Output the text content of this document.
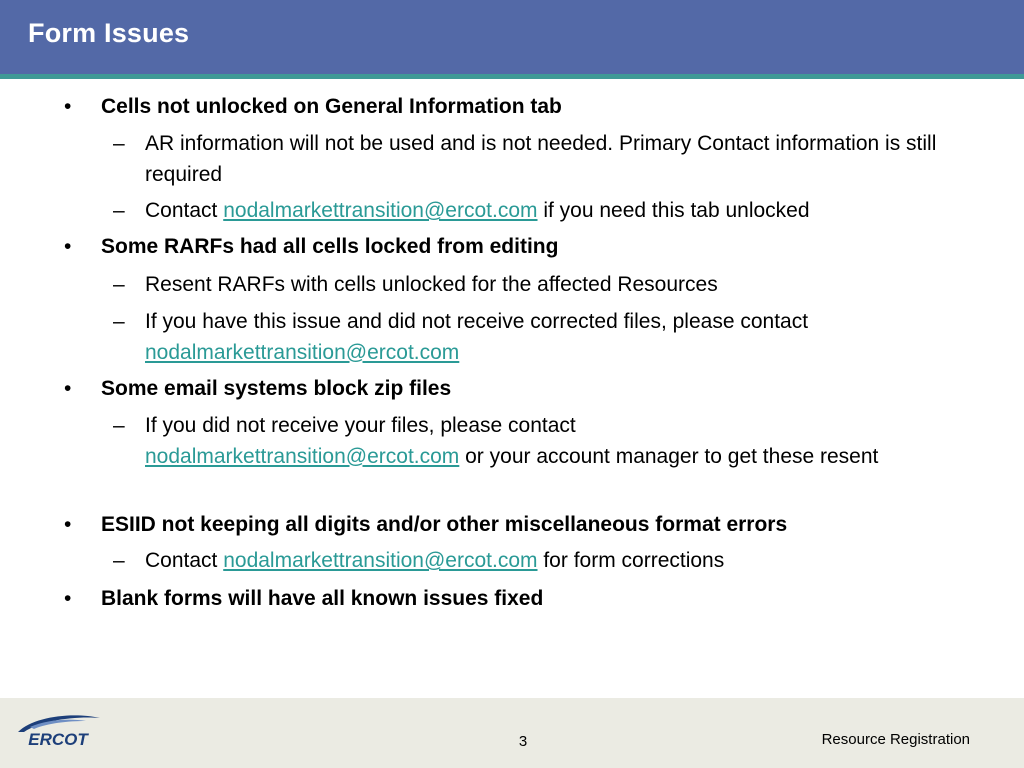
Form Issues
•	Cells not unlocked on General Information tab
– AR information will not be used and is not needed. Primary Contact information is still required
– Contact nodalmarkettransition@ercot.com if you need this tab unlocked
•	Some RARFs had all cells locked from editing
– Resent RARFs with cells unlocked for the affected Resources
– If you have this issue and did not receive corrected files, please contact
nodalmarkettransition@ercot.com
•	Some email systems block zip files
– If you did not receive your files, please contact
nodalmarkettransition@ercot.com or your account manager to get these resent
•	ESIID not keeping all digits and/or other miscellaneous format errors
– Contact nodalmarkettransition@ercot.com for form corrections
•	Blank forms will have all known issues fixed
ERCOT	3	Resource Registration
